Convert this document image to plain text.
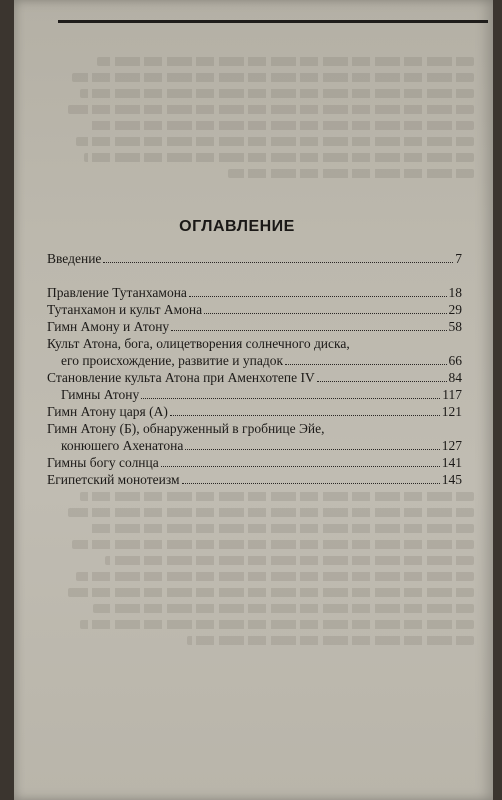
ОГЛАВЛЕНИЕ
Введение	7
Правление Тутанхамона	18
Тутанхамон и культ Амона	29
Гимн Амону и Атону	58
Культ Атона, бога, олицетворения солнечного диска,
его происхождение, развитие и упадок	66
Становление культа Атона при Аменхотепе IV	84
Гимны Атону	117
Гимн Атону царя (А)	121
Гимн Атону (Б), обнаруженный в гробнице Эйе,
конюшего Ахенатона	127
Гимны богу солнца	141
Египетский монотеизм	145
